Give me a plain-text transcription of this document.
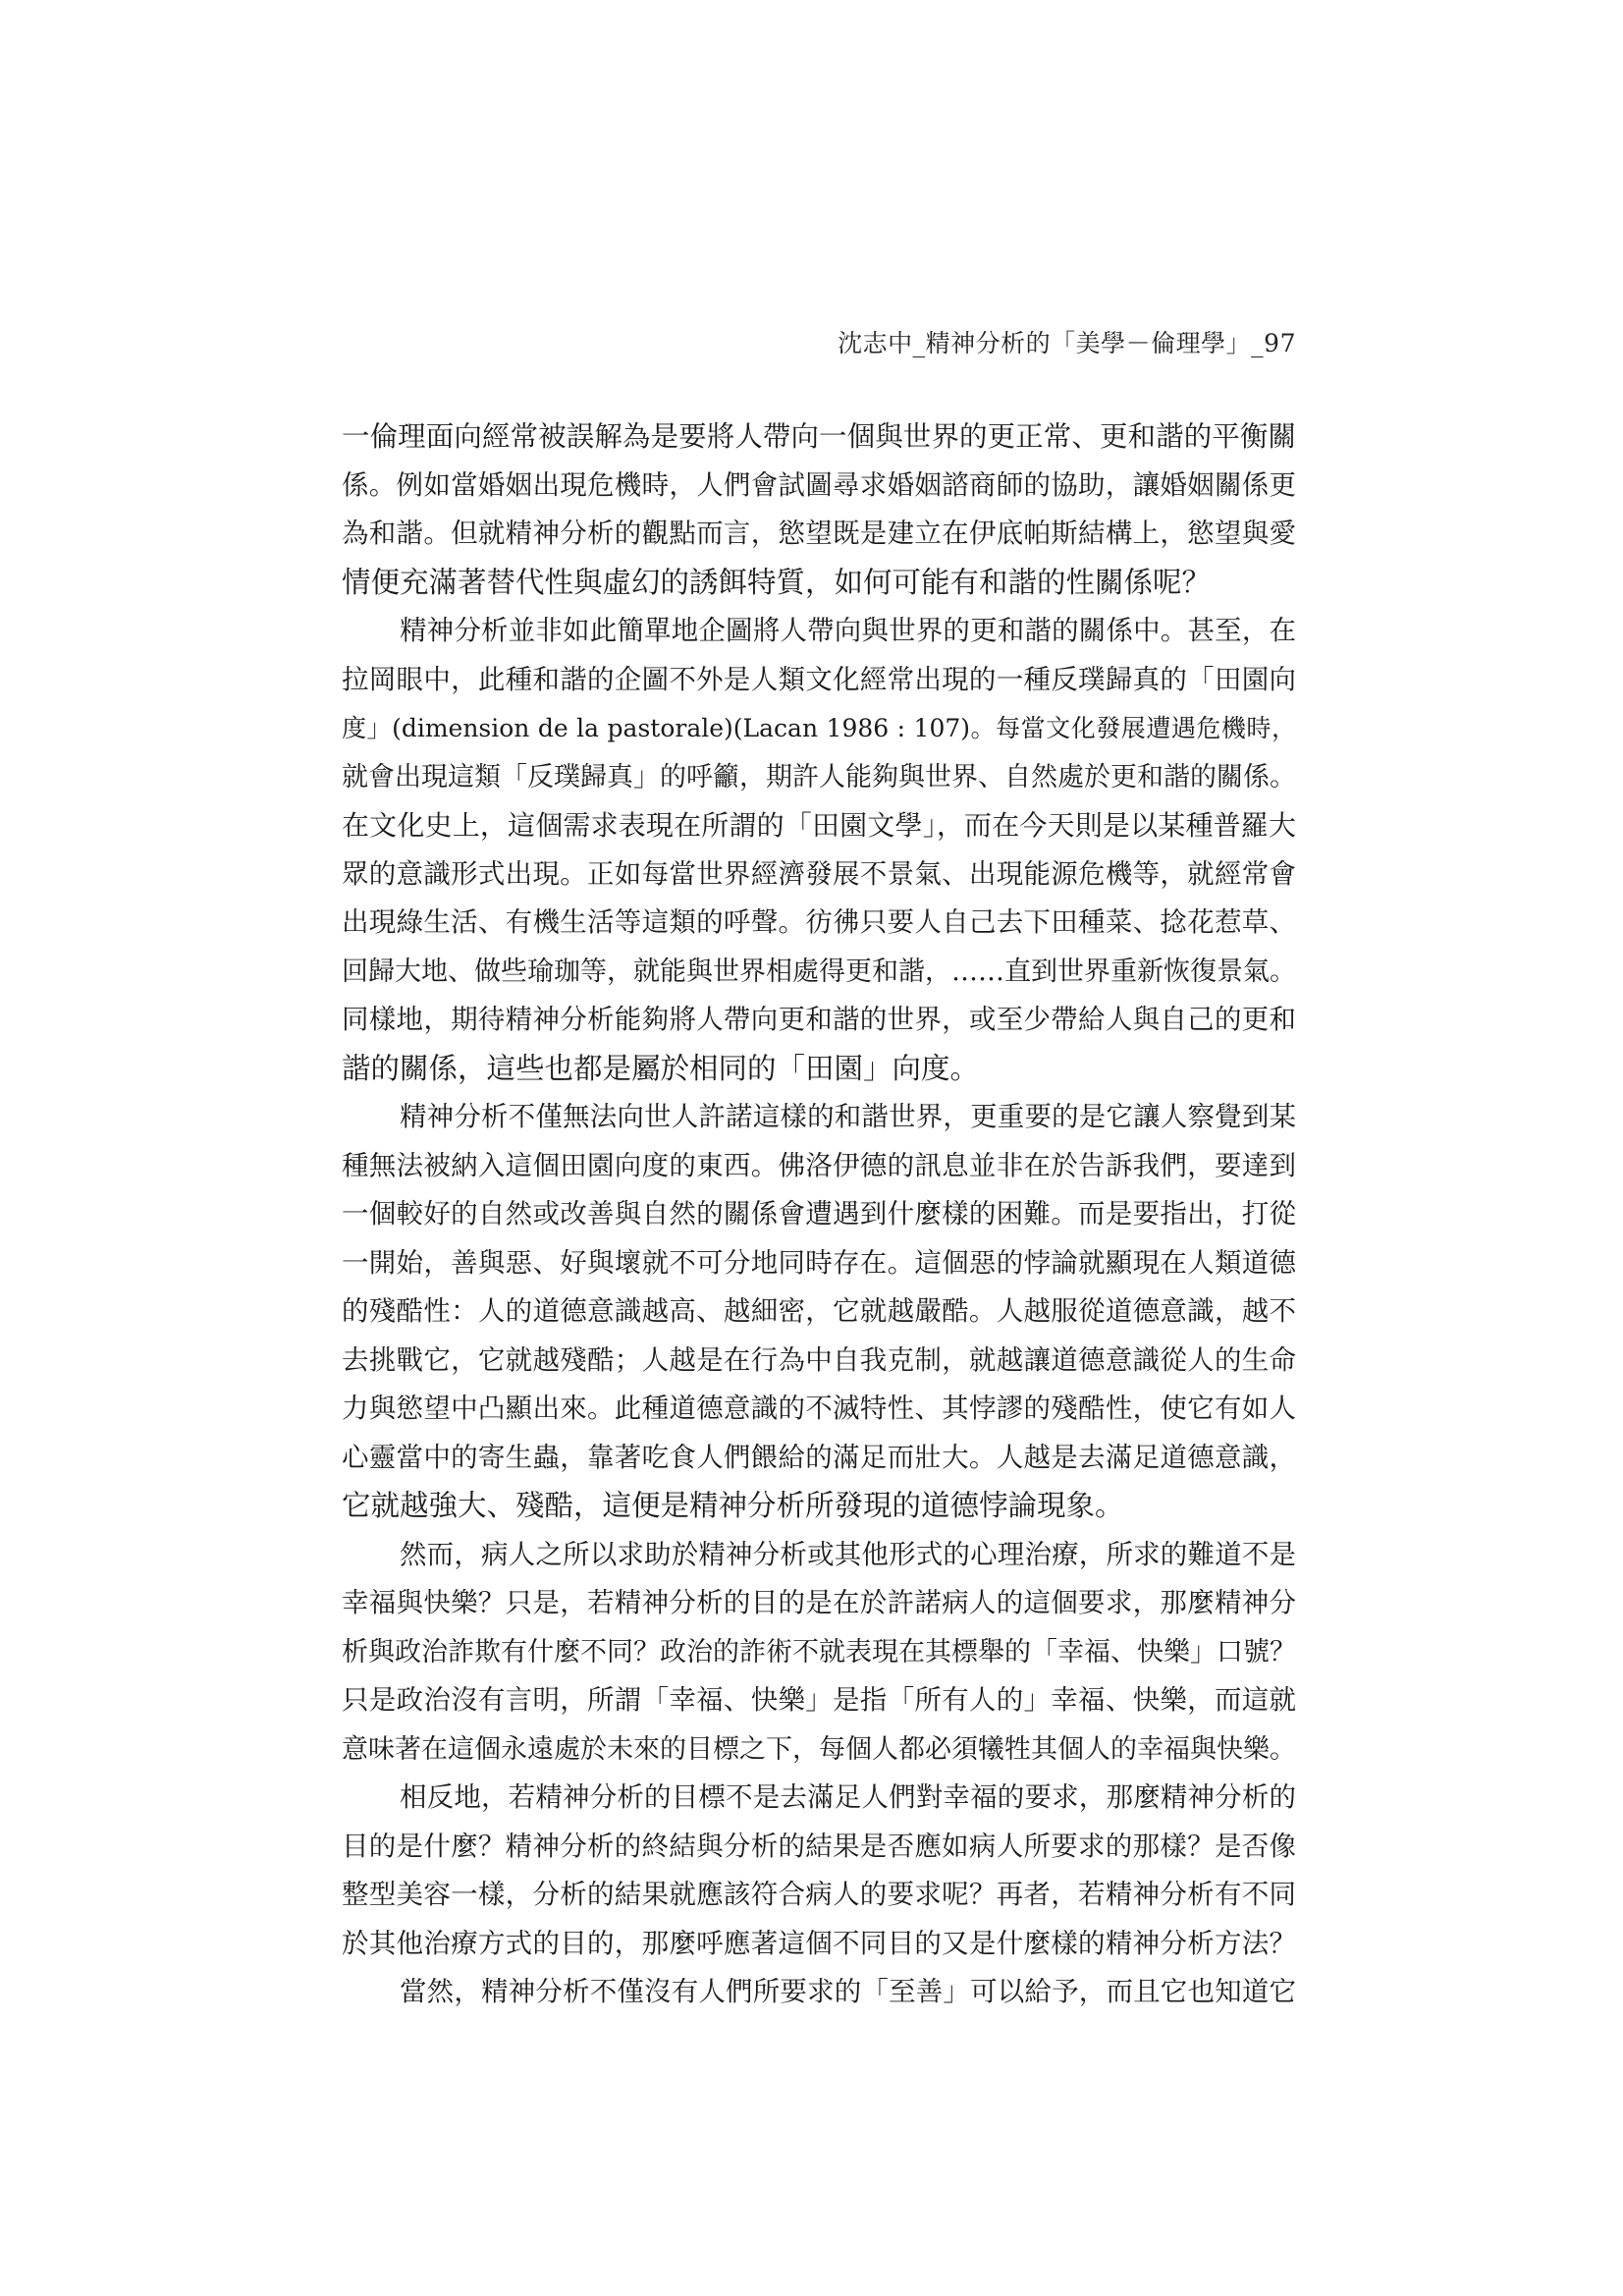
沈志中_精神分析的「美學－倫理學」_97
一倫理面向經常被誤解為是要將人帶向一個與世界的更正常、更和諧的平衡關
係。例如當婚姻出現危機時，人們會試圖尋求婚姻諮商師的協助，讓婚姻關係更
為和諧。但就精神分析的觀點而言，慾望既是建立在伊底帕斯結構上，慾望與愛
情便充滿著替代性與虛幻的誘餌特質，如何可能有和諧的性關係呢？
精神分析並非如此簡單地企圖將人帶向與世界的更和諧的關係中。甚至，在
拉岡眼中，此種和諧的企圖不外是人類文化經常出現的一種反璞歸真的「田園向
度」(dimension de la pastorale)(Lacan 1986 : 107)。每當文化發展遭遇危機時，
就會出現這類「反璞歸真」的呼籲，期許人能夠與世界、自然處於更和諧的關係。
在文化史上，這個需求表現在所謂的「田園文學」，而在今天則是以某種普羅大
眾的意識形式出現。正如每當世界經濟發展不景氣、出現能源危機等，就經常會
出現綠生活、有機生活等這類的呼聲。彷彿只要人自己去下田種菜、捻花惹草、
回歸大地、做些瑜珈等，就能與世界相處得更和諧，……直到世界重新恢復景氣。
同樣地，期待精神分析能夠將人帶向更和諧的世界，或至少帶給人與自己的更和
諧的關係，這些也都是屬於相同的「田園」向度。
精神分析不僅無法向世人許諾這樣的和諧世界，更重要的是它讓人察覺到某
種無法被納入這個田園向度的東西。佛洛伊德的訊息並非在於告訴我們，要達到
一個較好的自然或改善與自然的關係會遭遇到什麼樣的困難。而是要指出，打從
一開始，善與惡、好與壞就不可分地同時存在。這個惡的悖論就顯現在人類道德
的殘酷性：人的道德意識越高、越細密，它就越嚴酷。人越服從道德意識，越不
去挑戰它，它就越殘酷；人越是在行為中自我克制，就越讓道德意識從人的生命
力與慾望中凸顯出來。此種道德意識的不滅特性、其悖謬的殘酷性，使它有如人
心靈當中的寄生蟲，靠著吃食人們餵給的滿足而壯大。人越是去滿足道德意識，
它就越強大、殘酷，這便是精神分析所發現的道德悖論現象。
然而，病人之所以求助於精神分析或其他形式的心理治療，所求的難道不是
幸福與快樂？只是，若精神分析的目的是在於許諾病人的這個要求，那麼精神分
析與政治詐欺有什麼不同？政治的詐術不就表現在其標舉的「幸福、快樂」口號？
只是政治沒有言明，所謂「幸福、快樂」是指「所有人的」幸福、快樂，而這就
意味著在這個永遠處於未來的目標之下，每個人都必須犧牲其個人的幸福與快樂。
相反地，若精神分析的目標不是去滿足人們對幸福的要求，那麼精神分析的
目的是什麼？精神分析的終結與分析的結果是否應如病人所要求的那樣？是否像
整型美容一樣，分析的結果就應該符合病人的要求呢？再者，若精神分析有不同
於其他治療方式的目的，那麼呼應著這個不同目的又是什麼樣的精神分析方法？
當然，精神分析不僅沒有人們所要求的「至善」可以給予，而且它也知道它
